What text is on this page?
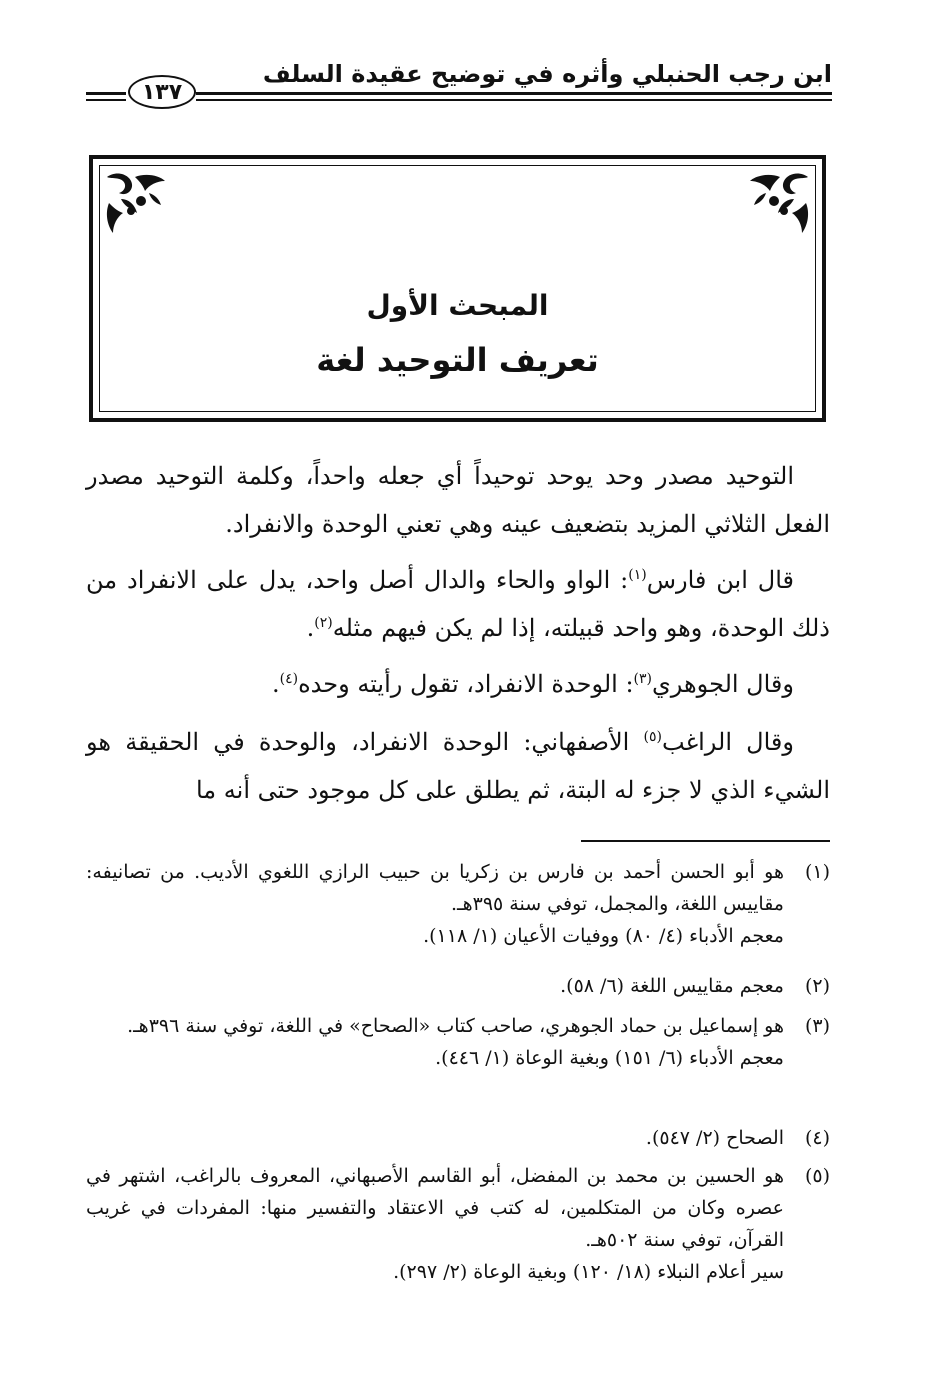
ابن رجب الحنبلي وأثره في توضيح عقيدة السلف
١٣٧
المبحث الأول
تعريف التوحيد لغة
التوحيد مصدر وحد يوحد توحيداً أي جعله واحداً، وكلمة التوحيد مصدر الفعل الثلاثي المزيد بتضعيف عينه وهي تعني الوحدة والانفراد.
قال ابن فارس$^{(١)}$: الواو والحاء والدال أصل واحد، يدل على الانفراد من ذلك الوحدة، وهو واحد قبيلته، إذا لم يكن فيهم مثله$^{(٢)}$.
وقال الجوهري$^{(٣)}$: الوحدة الانفراد، تقول رأيته وحده$^{(٤)}$.
وقال الراغب$^{(٥)}$ الأصفهاني: الوحدة الانفراد، والوحدة في الحقيقة هو الشيء الذي لا جزء له البتة، ثم يطلق على كل موجود حتى أنه ما
(١)
هو أبو الحسن أحمد بن فارس بن زكريا بن حبيب الرازي اللغوي الأديب. من تصانيفه: مقاييس اللغة، والمجمل، توفي سنة ٣٩٥هـ.
معجم الأدباء (٤/ ٨٠) ووفيات الأعيان (١/ ١١٨).
(٢)
معجم مقاييس اللغة (٦/ ٥٨).
(٣)
هو إسماعيل بن حماد الجوهري، صاحب كتاب «الصحاح» في اللغة، توفي سنة ٣٩٦هـ.
معجم الأدباء (٦/ ١٥١) وبغية الوعاة (١/ ٤٤٦).
(٤)
الصحاح (٢/ ٥٤٧).
(٥)
هو الحسين بن محمد بن المفضل، أبو القاسم الأصبهاني، المعروف بالراغب، اشتهر في عصره وكان من المتكلمين، له كتب في الاعتقاد والتفسير منها: المفردات في غريب القرآن، توفي سنة ٥٠٢هـ.
سير أعلام النبلاء (١٨/ ١٢٠) وبغية الوعاة (٢/ ٢٩٧).
